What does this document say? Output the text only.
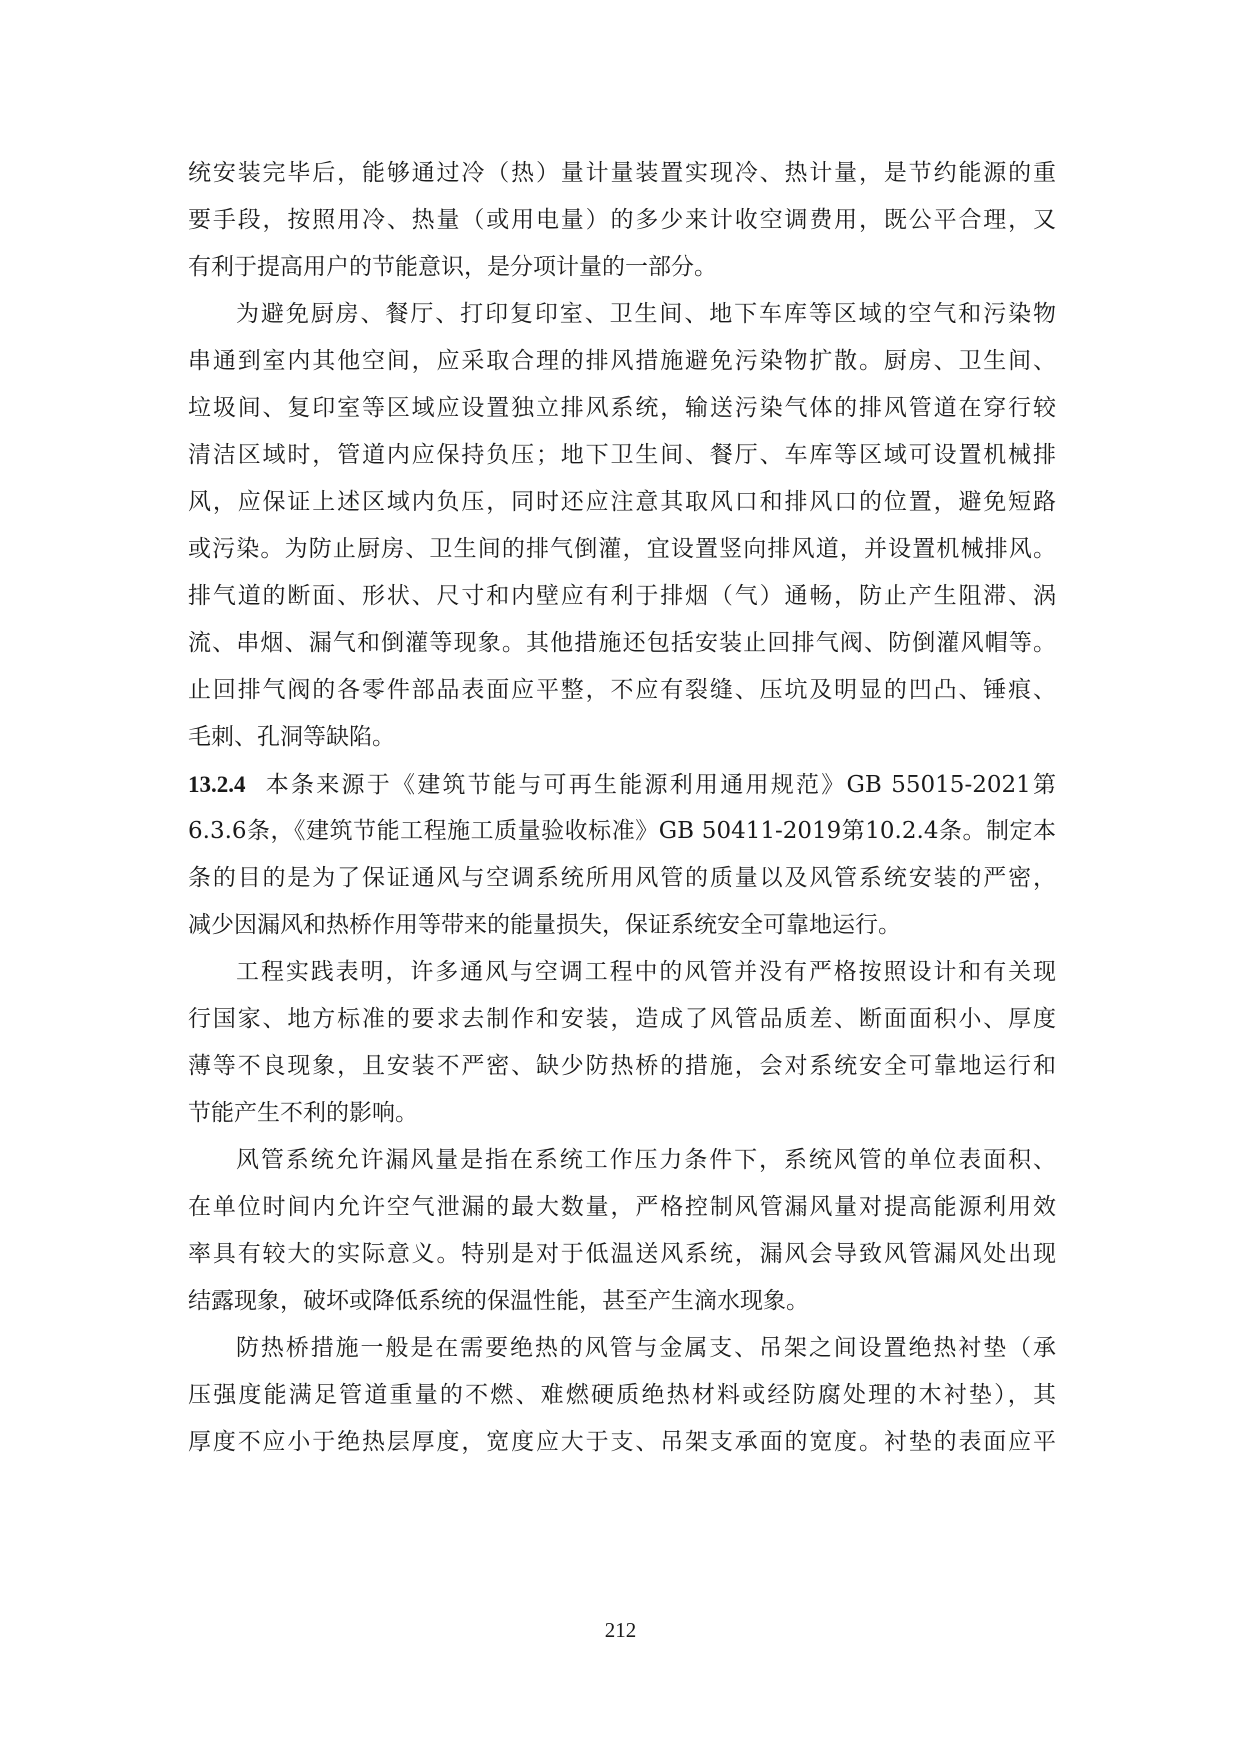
统安装完毕后，能够通过冷（热）量计量装置实现冷、热计量，是节约能源的重
要手段，按照用冷、热量（或用电量）的多少来计收空调费用，既公平合理，又
有利于提高用户的节能意识，是分项计量的一部分。
为避免厨房、餐厅、打印复印室、卫生间、地下车库等区域的空气和污染物
串通到室内其他空间，应采取合理的排风措施避免污染物扩散。厨房、卫生间、
垃圾间、复印室等区域应设置独立排风系统，输送污染气体的排风管道在穿行较
清洁区域时，管道内应保持负压；地下卫生间、餐厅、车库等区域可设置机械排
风，应保证上述区域内负压，同时还应注意其取风口和排风口的位置，避免短路
或污染。为防止厨房、卫生间的排气倒灌，宜设置竖向排风道，并设置机械排风。
排气道的断面、形状、尺寸和内壁应有利于排烟（气）通畅，防止产生阻滞、涡
流、串烟、漏气和倒灌等现象。其他措施还包括安装止回排气阀、防倒灌风帽等。
止回排气阀的各零件部品表面应平整，不应有裂缝、压坑及明显的凹凸、锤痕、
毛刺、孔洞等缺陷。
13.2.4 本条来源于《建筑节能与可再生能源利用通用规范》GB 55015-2021第
6.3.6条，《建筑节能工程施工质量验收标准》GB 50411-2019第10.2.4条。制定本
条的目的是为了保证通风与空调系统所用风管的质量以及风管系统安装的严密，
减少因漏风和热桥作用等带来的能量损失，保证系统安全可靠地运行。
工程实践表明，许多通风与空调工程中的风管并没有严格按照设计和有关现
行国家、地方标准的要求去制作和安装，造成了风管品质差、断面面积小、厚度
薄等不良现象，且安装不严密、缺少防热桥的措施，会对系统安全可靠地运行和
节能产生不利的影响。
风管系统允许漏风量是指在系统工作压力条件下，系统风管的单位表面积、
在单位时间内允许空气泄漏的最大数量，严格控制风管漏风量对提高能源利用效
率具有较大的实际意义。特别是对于低温送风系统，漏风会导致风管漏风处出现
结露现象，破坏或降低系统的保温性能，甚至产生滴水现象。
防热桥措施一般是在需要绝热的风管与金属支、吊架之间设置绝热衬垫（承
压强度能满足管道重量的不燃、难燃硬质绝热材料或经防腐处理的木衬垫），其
厚度不应小于绝热层厚度，宽度应大于支、吊架支承面的宽度。衬垫的表面应平
212
